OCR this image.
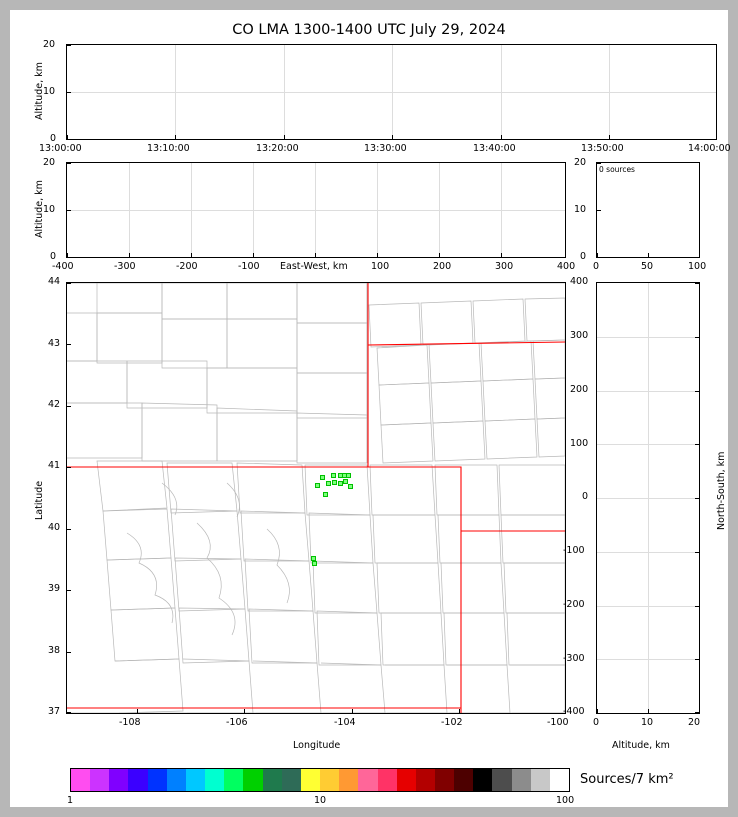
CO LMA 1300-1400 UTC July 29, 2024
0
10
20
Altitude, km
13:00:00	13:10:00	13:20:00	13:30:00	13:40:00	13:50:00	14:00:00
0
10
20
Altitude, km
-400	-300	-200	-100	100	200	300	400
East-West, km
0 sources
0
10
20
0	50	100
44
43
42
41
40
39
38
37
Latitude
-108	-106	-104	-102	-100
Longitude
400
300
200
100
0
-100
-200
-300
-400
0	10	20
Altitude, km
North-South, km
Sources/7 km²
1	10	100
